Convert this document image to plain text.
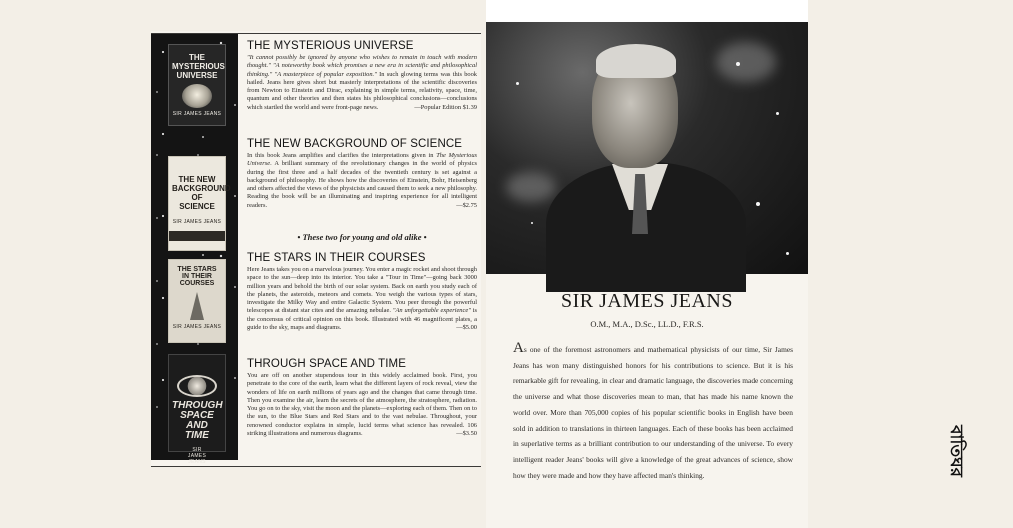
THE
MYSTERIOUS
UNIVERSE
SIR JAMES JEANS
THE NEW
BACKGROUND
OF
SCIENCE
SIR JAMES JEANS
THE STARS
IN THEIR
COURSES
SIR JAMES JEANS
THROUGH
SPACE AND
TIME
SIR
JAMES
JEANS
THE MYSTERIOUS UNIVERSE

"It cannot possibly be ignored by anyone who wishes to remain in touch with modern thought." "A noteworthy book which promises a new era in scientific and philosophical thinking." "A masterpiece of popular exposition." In such glowing terms was this book hailed. Jeans here gives short but masterly interpretations of the scientific discoveries from Newton to Einstein and Dirac, explaining in simple terms, relativity, space, time, quantum and other theories and then states his philosophical conclusions—conclusions which startled the world and were front-page news.	—Popular Edition $1.39

THE NEW BACKGROUND OF SCIENCE

In this book Jeans amplifies and clarifies the interpretations given in The Mysterious Universe. A brilliant summary of the revolutionary changes in the world of physics during the first three and a half decades of the twentieth century is set against a background of philosophy. He shows how the discoveries of Einstein, Bohr, Heisenberg and others affected the views of the physicists and caused them to seek a new philosophy. Reading the book will be an illuminating and inspiring experience for all intelligent readers.	—$2.75

• These two for young and old alike •
THE STARS IN THEIR COURSES

Here Jeans takes you on a marvelous journey. You enter a magic rocket and shoot through space to the sun—deep into its interior. You take a "Tour in Time"—going back 3000 million years and behold the birth of our solar system. Back on earth you study each of the planets, the asteroids, meteors and comets. You weigh the various types of stars, investigate the Milky Way and entire Galactic System. You peer through the powerful telescopes at distant star cites and the amazing nebulae. "An unforgettable experience" is the concensus of critical opinion on this book. Illustrated with 46 magnificent plates, a guide to the sky, maps and diagrams.	—$5.00

THROUGH SPACE AND TIME

You are off on another stupendous tour in this widely acclaimed book. First, you penetrate to the core of the earth, learn what the different layers of rock reveal, view the wonders of life on earth millions of years ago and the changes that came through time. Then you examine the air, learn the secrets of the atmosphere, the stratosphere, radiation. You go on to the sky, visit the moon and the planets—exploring each of them. Then on to the sun, to the Blue Stars and Red Stars and to the vast nebulae. Throughout, your renowned conductor explains in simple, lucid terms what science has revealed. 106 striking illustrations and numerous diagrams.	—$3.50

SIR JAMES JEANS
O.M., M.A., D.Sc., LL.D., F.R.S.

As one of the foremost astronomers and mathematical physicists of our time, Sir James Jeans has won many distinguished honors for his contributions to science. But it is his remarkable gift for revealing, in clear and dramatic language, the discoveries made concerning the universe and what those discoveries mean to man, that has made his name known the world over. More than 705,000 copies of his popular scientific books in English have been sold in addition to translations in thirteen languages. Each of these books has been acclaimed in superlative terms as a brilliant contribution to our understanding of the universe. To every intelligent reader Jeans' books will give a knowledge of the great advances of science, show how they were made and how they have affected man's thinking.	বাতিঘর
